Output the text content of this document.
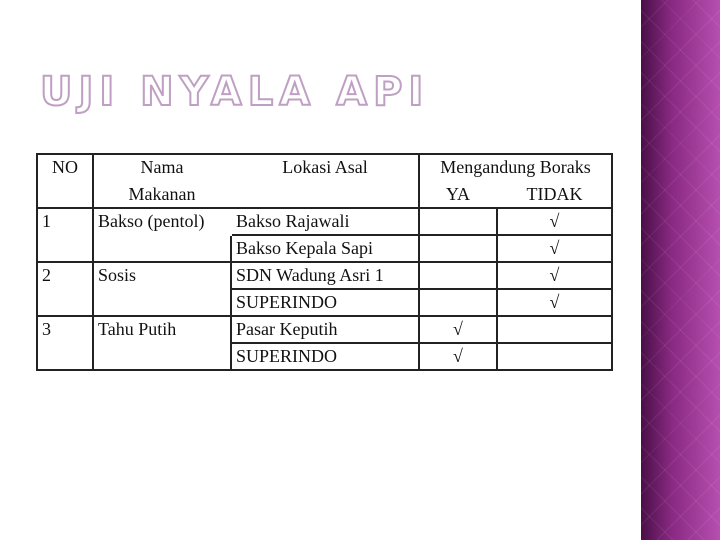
UJI NYALA API
NO	Nama	Lokasi Asal	Mengandung Boraks	
	Makanan		YA	TIDAK
1	Bakso (pentol)	Bakso Rajawali		√
		Bakso Kepala Sapi		√
2	Sosis	SDN Wadung Asri 1		√
		SUPERINDO		√
3	Tahu Putih	Pasar Keputih	√	
		SUPERINDO	√	
